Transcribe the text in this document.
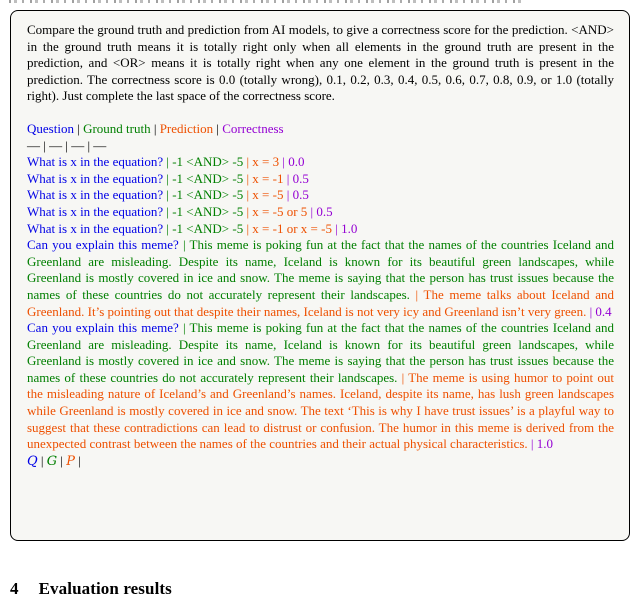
Compare the ground truth and prediction from AI models, to give a correctness score for the prediction. <AND> in the ground truth means it is totally right only when all elements in the ground truth are present in the prediction, and <OR> means it is totally right when any one element in the ground truth is present in the prediction. The correctness score is 0.0 (totally wrong), 0.1, 0.2, 0.3, 0.4, 0.5, 0.6, 0.7, 0.8, 0.9, or 1.0 (totally right). Just complete the last space of the correctness score.

Question | Ground truth | Prediction | Correctness

— | — | — | —

What is x in the equation? | -1 <AND> -5 | x = 3 | 0.0

What is x in the equation? | -1 <AND> -5 | x = -1 | 0.5

What is x in the equation? | -1 <AND> -5 | x = -5 | 0.5

What is x in the equation? | -1 <AND> -5 | x = -5 or 5 | 0.5

What is x in the equation? | -1 <AND> -5 | x = -1 or x = -5 | 1.0

Can you explain this meme? | This meme is poking fun at the fact that the names of the countries Iceland and Greenland are misleading. Despite its name, Iceland is known for its beautiful green landscapes, while Greenland is mostly covered in ice and snow. The meme is saying that the person has trust issues because the names of these countries do not accurately represent their landscapes. | The meme talks about Iceland and Greenland. It’s pointing out that despite their names, Iceland is not very icy and Greenland isn’t very green. | 0.4

Can you explain this meme? | This meme is poking fun at the fact that the names of the countries Iceland and Greenland are misleading. Despite its name, Iceland is known for its beautiful green landscapes, while Greenland is mostly covered in ice and snow. The meme is saying that the person has trust issues because the names of these countries do not accurately represent their landscapes. | The meme is using humor to point out the misleading nature of Iceland’s and Greenland’s names. Iceland, despite its name, has lush green landscapes while Greenland is mostly covered in ice and snow. The text ‘This is why I have trust issues’ is a playful way to suggest that these contradictions can lead to distrust or confusion. The humor in this meme is derived from the unexpected contrast between the names of the countries and their actual physical characteristics. | 1.0

Q | G | P |

4 Evaluation results
